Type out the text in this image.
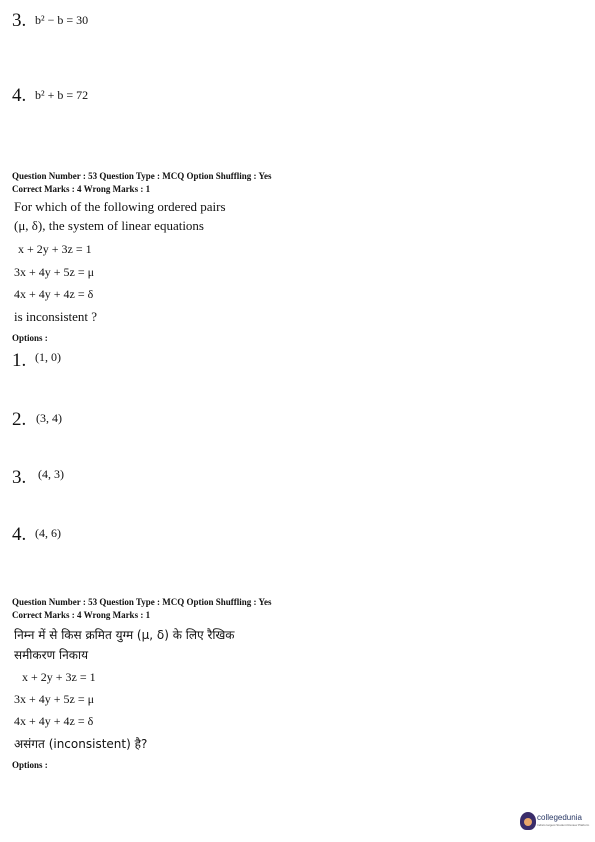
3. b² − b = 30
4. b² + b = 72
Question Number : 53 Question Type : MCQ Option Shuffling : Yes
Correct Marks : 4 Wrong Marks : 1
For which of the following ordered pairs
(μ, δ), the system of linear equations
x + 2y + 3z = 1
3x + 4y + 5z = μ
4x + 4y + 4z = δ
is inconsistent ?
Options :
1. (1, 0)
2. (3, 4)
3. (4, 3)
4. (4, 6)
Question Number : 53 Question Type : MCQ Option Shuffling : Yes
Correct Marks : 4 Wrong Marks : 1
निम्न में से किस क्रमित युग्म (μ, δ) के लिए रैखिक
समीकरण निकाय
x + 2y + 3z = 1
3x + 4y + 5z = μ
4x + 4y + 4z = δ
असंगत (inconsistent) है?
Options :
collegedunia
India's largest Student Review Platform
